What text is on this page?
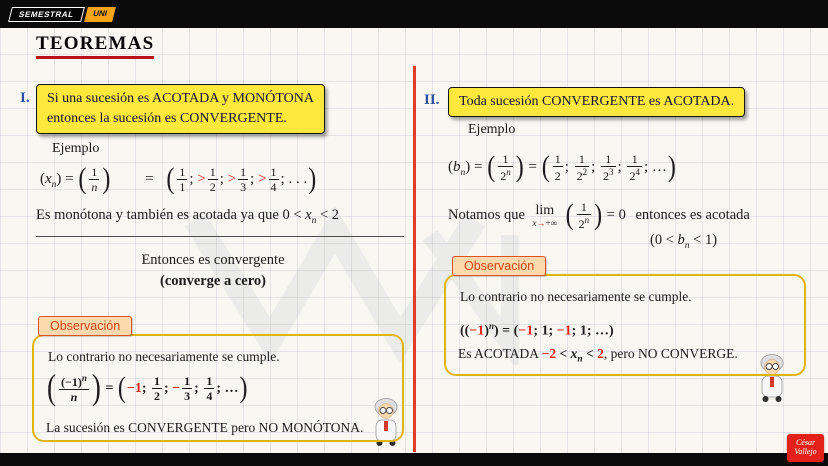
SEMESTRAL	UNI
TEOREMAS
I. Si una sucesión es ACOTADA y MONÓTONA
entonces la sucesión es CONVERGENTE.
Ejemplo
$(x_n)$ = ( $\frac{1}{n}$ ) = ( $\frac{1}{1}$ ; > $\frac{1}{2}$ ; > $\frac{1}{3}$ ; > $\frac{1}{4}$ ; . . .)
Es monótona y también es acotada ya que $0 < x_n < 2$
Entonces es convergente
(converge a cero)
Observación
Lo contrario no necesariamente se cumple.
( $\frac{(-1)^n}{n}$ ) = (−1; $\frac{1}{2}$ ; − $\frac{1}{3}$ ; $\frac{1}{4}$ ; …)
La sucesión es CONVERGENTE pero NO MONÓTONA.
II. Toda sucesión CONVERGENTE es ACOTADA.
Ejemplo
$(b_n)$ = ( $\frac{1}{2^n}$ ) = ( $\frac{1}{2}$ ; $\frac{1}{2^2}$ ; $\frac{1}{2^3}$ ; $\frac{1}{2^4}$ ; …)
Notamos que lim
x→+∞ ( $\frac{1}{2^n}$ ) = 0 entonces es acotada
$(0 < b_n < 1)$
Observación
Lo contrario no necesariamente se cumple.
$((-1)^n) = (-1$; 1; −1; 1; …)
Es ACOTADA $-2 < x_n < 2$, pero NO CONVERGE.
César
Vallejo
